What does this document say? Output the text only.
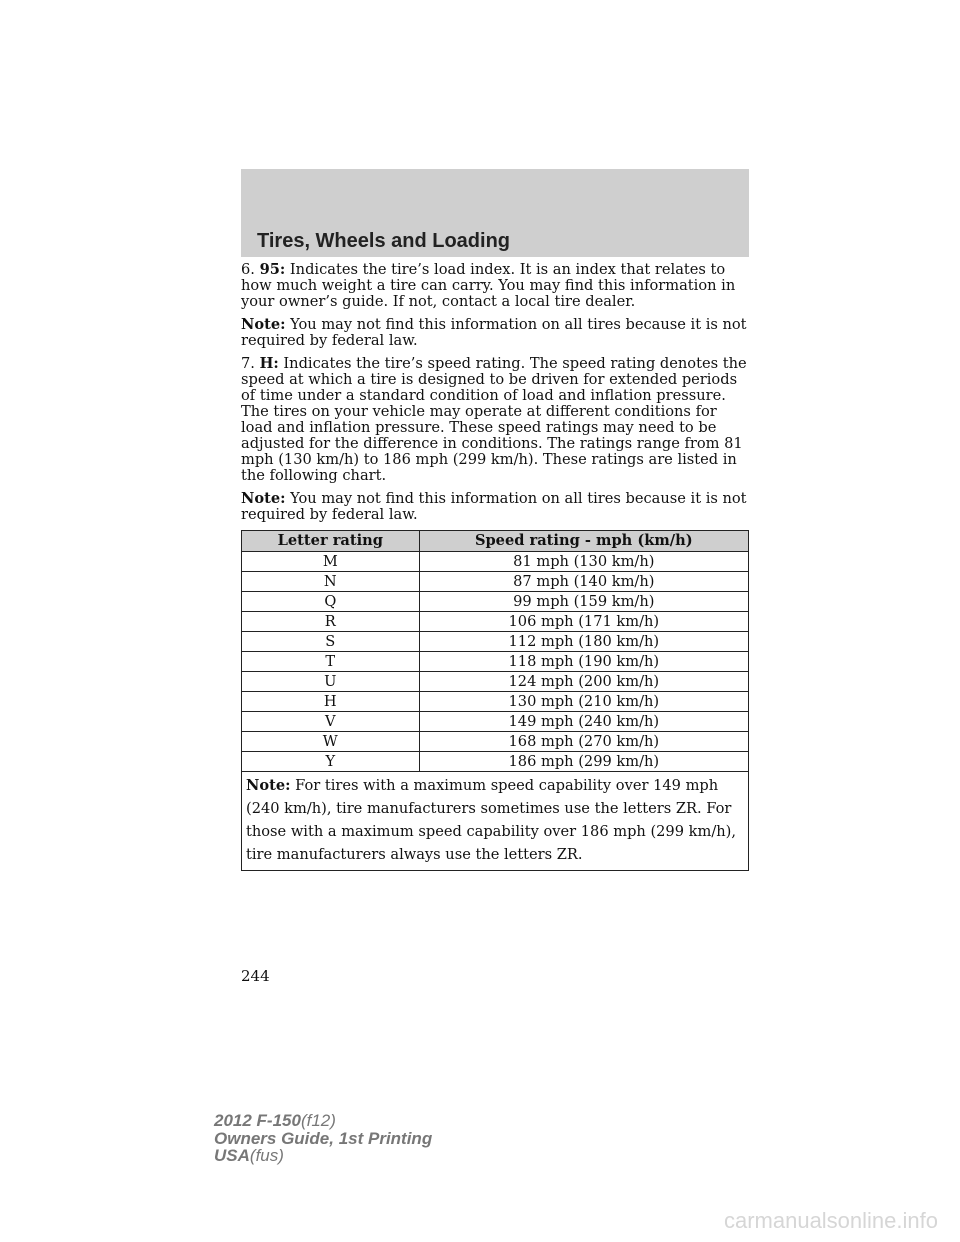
Tires, Wheels and Loading

6. 95: Indicates the tire’s load index. It is an index that relates to how much weight a tire can carry. You may find this information in your owner’s guide. If not, contact a local tire dealer.

Note: You may not find this information on all tires because it is not required by federal law.

7. H: Indicates the tire’s speed rating. The speed rating denotes the speed at which a tire is designed to be driven for extended periods of time under a standard condition of load and inflation pressure. The tires on your vehicle may operate at different conditions for load and inflation pressure. These speed ratings may need to be adjusted for the difference in conditions. The ratings range from 81 mph (130 km/h) to 186 mph (299 km/h). These ratings are listed in the following chart.

Note: You may not find this information on all tires because it is not required by federal law.

Letter rating	Speed rating - mph (km/h)
M	81 mph (130 km/h)
N	87 mph (140 km/h)
Q	99 mph (159 km/h)
R	106 mph (171 km/h)
S	112 mph (180 km/h)
T	118 mph (190 km/h)
U	124 mph (200 km/h)
H	130 mph (210 km/h)
V	149 mph (240 km/h)
W	168 mph (270 km/h)
Y	186 mph (299 km/h)
Note: For tires with a maximum speed capability over 149 mph (240 km/h), tire manufacturers sometimes use the letters ZR. For those with a maximum speed capability over 186 mph (299 km/h), tire manufacturers always use the letters ZR.	
244
2012 F-150(f12)
Owners Guide, 1st Printing
USA(fus)
carmanualsonline.info
